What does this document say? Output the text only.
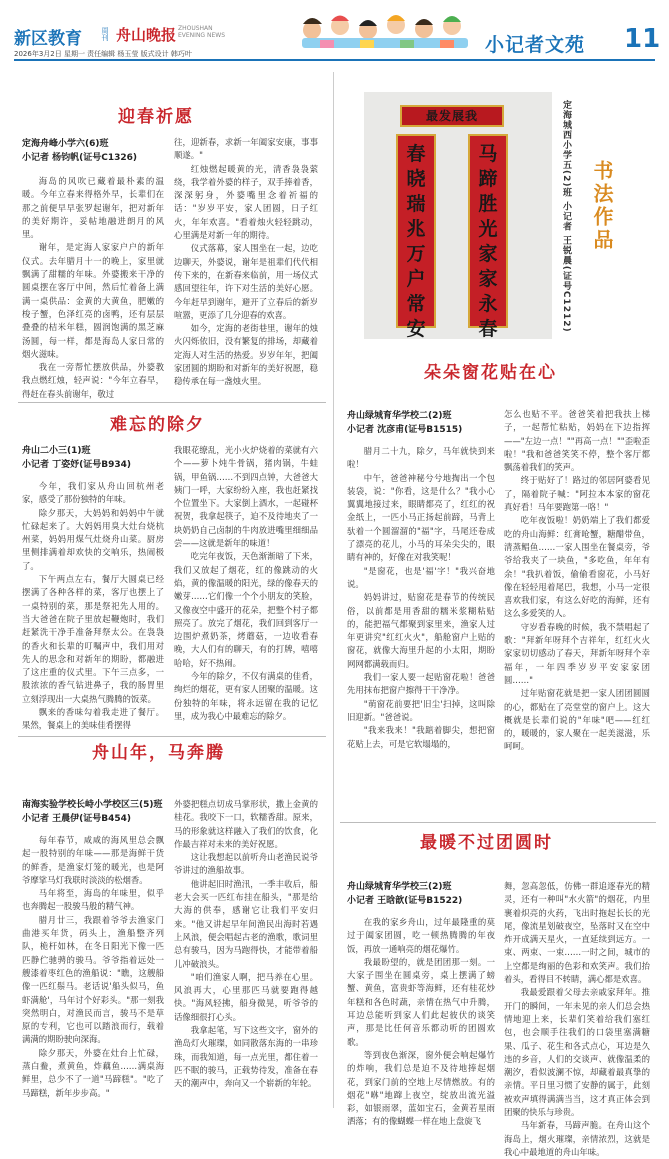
新区教育	周刊 舟山晚报 ZHOUSHAN EVENING NEWS
2026年3月2日 星期一 责任编辑 杨玉莹 版式设计 韩巧叶	小记者文苑 11
迎春祈愿
定海舟峰小学六(6)班
小记者 杨钧帆(证号C1326)

海岛的风吹已藏着最朴素的温暖。今年立春来得格外早，长辈们在那之前便早早张罗起谢年，把对新年的美好期许，妥帖地融进朗月的风里。

谢年，是定海人家家户户的新年仪式。去年腊月十一的晚上，家里就飘满了甜糯的年味。外婆搬来干净的圆桌摆在客厅中间，然后忙着备上满满一桌供品：金黄的大黄鱼，肥嫩的梭子蟹，色泽红亮的卤鸭，还有层层叠叠的桔米年糕，圆润饱满的黑芝麻汤圆，每一样，都是海岛人家日常的烟火滋味。

我在一旁帮忙摆放供品，外婆教我点燃红烛，轻声说："今年立春早，得赶在春头前谢年，敬过

往，迎新春，求新一年阖家安康，事事顺遂。"

红烛燃起暖黄的光，清香袅袅萦绕，我学着外婆的样子，双手捧着香，深深躬身，外婆嘴里念着祈福的话："岁岁平安，家人团圆，日子红火，年年欢喜。"看着烛火轻轻跳动，心里满是对新一年的期待。

仪式落幕，家人围坐在一起，边吃边聊天，外婆说，谢年是祖辈们代代相传下来的，在新春来临前，用一场仪式感回望往年，许下对生活的美好心愿。今年赶早到谢年，避开了立春后的新岁喧嚣，更添了几分迎春的欢喜。

如今，定海的老街巷里，谢年的烛火闪烁依旧，没有繁复的排场，却藏着定海人对生活的热爱。岁岁年年，把阖家团圆的期盼和对新年的美好祝愿，稳稳传承在每一盏烛火里。

难忘的除夕
舟山二小三(1)班
小记者 丁姿妤(证号B934)

今年，我们家从舟山回杭州老家，感受了那份独特的年味。

除夕那天，大妈妈和妈妈中午就忙碌起来了。大妈妈用臭大灶台烧杭州菜，妈妈用煤气灶烧舟山菜。厨房里侧排满着却欢快的交响乐，热闹极了。

下午两点左右，餐厅大圆桌已经摆满了各种各样的菜，客厅也摆上了一桌特别的菜，那是祭祀先人用的。当大爸爸在院子里放起鞭炮时，我们赶紧洗干净手准备拜祭太公。在袅袅的香火和长辈的叮嘱声中，我们用对先人的思念和对新年的期盼，都融进了这庄重的仪式里。下午三点多，一股浓浓的香气钻进鼻子，我的肠胃里立刻浮现出一大桌热气腾腾的饭菜。

飘来的香味勾着我走进了餐厅。果然，餐桌上的美味佳肴摆得

我眼花缭乱，光小火炉烧着的菜就有六个——萝卜炖牛骨锅，猪肉锅，牛蛙锅，甲鱼锅……不到四点钟，大爸爸大姨门一呼，大家纷纷入座，我也赶紧找个位置坐下。大家倒上酒水，一起碰杯祝贺，我拿起筷子，迫不及待地夹了一块奶奶自己卤制的牛肉放进嘴里细细品尝——这就是新年的味道！

吃完年夜饭，天色渐渐暗了下来，我们又放起了烟花，红的像跳动的火焰，黄的像温暖的阳光，绿的像春天的嫩芽……它们像一个个小朋友的笑脸，又像夜空中盛开的花朵，把整个村子都照亮了。放完了烟花，我们回到客厅一边围炉煮奶茶，烤蘑菇，一边收看春晚，大人们有的聊天，有的打牌，嘻嘻哈哈，好不热闹。

今年的除夕，不仅有满桌的佳肴，绚烂的烟花，更有家人团聚的温暖。这份独特的年味，将永远留在我的记忆里，成为我心中最难忘的除夕。

舟山年，马奔腾
南海实验学校长峙小学校区三(5)班
小记者 王晨伊(证号B454)

每年春节，咸咸的海风里总会飘起一股特别的年味——那是海鲜干货的鲜香，是渔家灯笼的暖光，也是阿爷摩挲马灯我联时淡淡的松烟香。

马年将至，海岛的年味里，似乎也奔腾起一股骏马般的精气神。

腊月廿三，我跟着爷爷去渔家门曲港买年货，码头上，渔船整齐列队，桅杆如林，在冬日阳光下像一匹匹静伫驰骋的骏马。爷爷指着远处一艘漆着枣红色的渔船说："瞧，这艘船像一匹红鬃马。老话说'船头似马，鱼虾满舱'，马年讨个好彩头。"那一刻我突然明白，对渔民而言，骏马不是草原的专利，它也可以踏浪而行，载着满满的期盼驶向深海。

除夕那天，外婆在灶台上忙碌，蒸白鲞，煮黄鱼，炸藕鱼……满桌海鲜里，总少不了一道"马蹄糕"。"吃了马蹄糕，新年步步高。"

外婆把糕点切成马掌形状，撒上金黄的桂花。我咬下一口，软糯香甜。原来，马的形象就这样融入了我们的饮食，化作最吉祥对未来的美好祝愿。

这让我想起以前听舟山老渔民说爷爷讲过的渔船故事。

他讲起旧时渔汛，一季丰收后，船老大会买一匹红布挂在船头，"那是给大海的供奉，感谢它让我们平安归来。"他又讲起早年间渔民出海时若遇上风浪，便会唱起古老的渔歌，歌词里总有骏马，因为马跑得快，才能带着船儿冲破浪头。

"咱们渔家人啊，把马养在心里。风浪再大，心里那匹马就要跑得越快。"海风轻拂，船身微晃，听爷爷的话像细很打心头。

我拿起笔，写下这些文字，窗外的渔岛灯火璀璨，如同散落东海的一串珍珠，而我知道，每一点光里，都住着一匹不眠的骏马，正载势待发，准备在春天的潮声中，奔向又一个崭新的年轮。

最发展我
春晓瑞兆万户常安
马蹄胜光家家永春	定海城西小学五(2)班 小记者 王锐晨(证号C1212) 书法作品
朵朵窗花贴在心
舟山绿城育华学校二(2)班
小记者 沈彦甫(证号B1515)

腊月二十九，除夕，马年就快到来啦！

中午，爸爸神秘兮兮地掏出一个包装袋，说："你看，这是什么？"我小心翼翼地接过来，眼睛都亮了，红红的祝金纸上，一匹小马正扬起前蹄，马背上驮着一个圆溜溜的"福"字，马尾还卷成了漂亮的花儿，小马的耳朵尖尖的，眼睛有神的，好像在对我笑呢！

"是窗花，也是'福'字！"我兴奋地说。

妈妈讲过，贴窗花是春节的传统民俗，以前都是用香甜的糯米浆糊粘贴的，能把福气都聚到家里来，渔家人过年更讲究"红红火火"，船舱窗户上贴的窗花，就像大海里升起的小太阳，期盼网网都满载而归。

我们一家人要一起贴窗花啦！爸爸先用抹布把窗户擦得干干净净。

"萌窗花前要把'旧尘'扫掉，这叫除旧迎新。"爸爸说。

"我来我来！"我踮着脚尖，想把窗花贴上去，可是它软塌塌的，

怎么也贴不平。爸爸笑着把我扶上梯子，一起帮忙粘贴，妈妈在下边指挥——"左边一点！""再高一点！""歪啦歪啦！"我和爸爸笑笑不停，整个客厅都飘荡着我们的笑声。

终于贴好了！路过的邻居阿婆看见了，隔着院子喊："阿拉本本家的窗花真好看！马年要跑第一咯！"

吃年夜饭啦！奶奶端上了我们都爱吃的舟山海鲜：红膏呛蟹，糖醋带鱼，清蒸鲳鱼……一家人围坐在餐桌旁，爷爷给我夹了一块鱼，"多吃鱼，年年有余！"我扒着饭，偷偷看窗花，小马好像在轻轻甩着尾巴，我想，小马一定很喜欢我们家，有这么好吃的海鲜，还有这么多爱笑的人。

守岁看春晚的时候，我不禁唱起了歌："拜新年呀拜个吉祥年，红红火火家家切切感动了春天，拜新年呀拜个幸福年，一年四季岁岁平安家家团圆……"

过年贴窗花就是把一家人团团圆圆的心，都贴在了亮堂堂的窗户上。这大概就是长辈们说的"年味"吧——红红的，暖暖的，家人聚在一起美滋滋，乐呵呵。

最暖不过团圆时
舟山绿城育华学校三(2)班
小记者 王晗歆(证号B1522)

在我的家乡舟山，过年最隆重的莫过于阖家团圆，吃一顿热腾腾的年夜饭，再放一通响亮的烟花爆竹。

我最盼望的，就是团团那一刻。一大家子围坐在圆桌旁，桌上摆满了螃蟹、黄鱼，富贵虾等海鲜，还有桂花炒年糕和各色时蔬，亲情在热气中升腾，耳边总能听到家人们此起彼伏的谈笑声，那是比任何音乐都动听的团圆欢歌。

等到夜色渐深，窗外便会响起爆竹的炸响，我们总是迫不及待地捧起烟花，到家门前的空地上尽情燃放。有的烟花"咻"地蹿上夜空，绽放出流光溢彩，如银雨翠，蓝如宝石，金黄若星雨洒落；有的像蝴蝶一样在地上盘旋飞

舞，忽高忽低，仿佛一群追逐春光的精灵，还有一种叫"水火箭"的烟花，内里裹着炽亮的火药，飞出时拖起长长的光尾，像流星划破夜空，坠落时又在空中炸开成满天星火，一直延续到远方。一束、两束、一束……一时之间，城市的上空都是绚丽的色彩和欢笑声。我们抬着头，看得目不转睛，满心都是欢喜。

我最爱跟着父母去亲戚家拜年。推开门的瞬间，一年未见的亲人们总会热情地迎上来，长辈们笑着给我们塞红包，也会顺手往我们的口袋里塞满糖果、瓜子、花生和各式点心，耳边是久违的乡音，人们的交谈声、就像温柔的潮汐，看似波澜不惊，却藏着最真挚的亲情。平日里习惯了安静的属于，此刻被欢声填得满满当当，这才真正体会到团聚的快乐与珍贵。

马年新春，马蹄声脆。在舟山这个海岛上，烟火璀璨，亲情浓烈，这就是我心中最地道的舟山年味。
